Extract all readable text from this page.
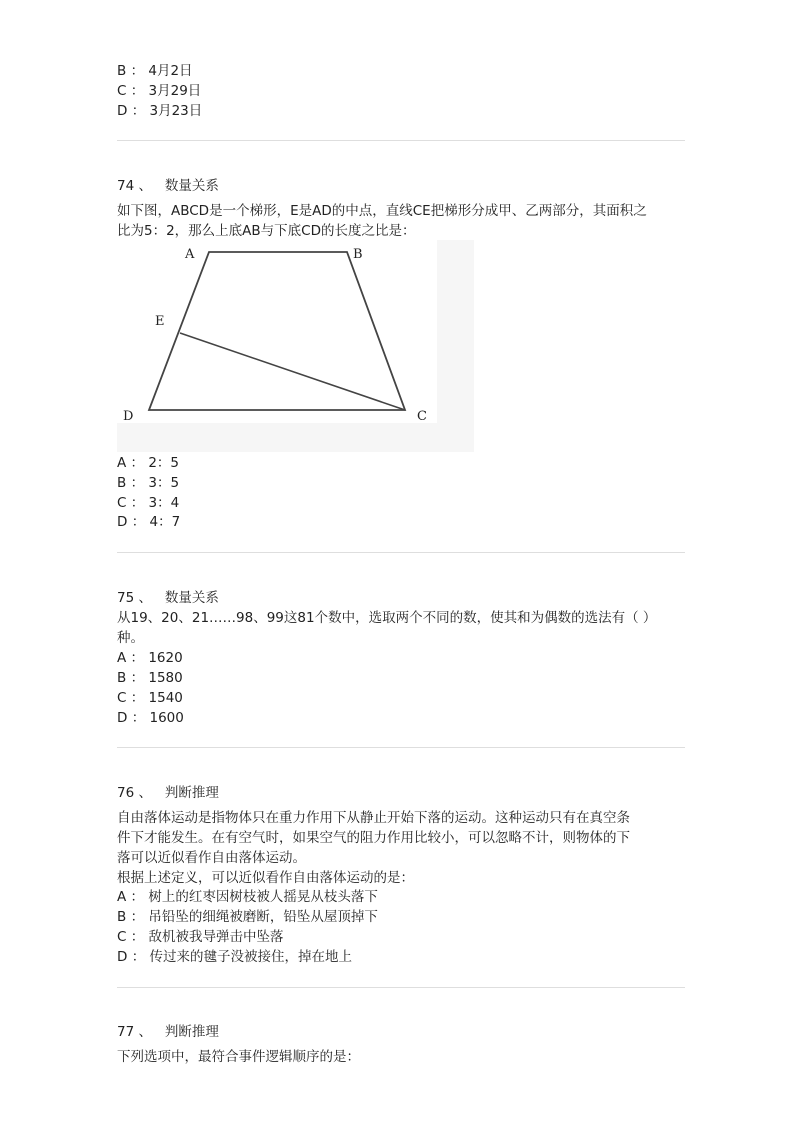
B ： 4月2日
C ： 3月29日
D ： 3月23日
74 、 数量关系
如下图，ABCD是一个梯形，E是AD的中点，直线CE把梯形分成甲、乙两部分，其面积之
比为5：2，那么上底AB与下底CD的长度之比是：
A	B
E
D	C
A ： 2：5
B ： 3：5
C ： 3：4
D ： 4：7
75 、 数量关系
从19、20、21……98、99这81个数中，选取两个不同的数，使其和为偶数的选法有（ ）
种。
A ： 1620
B ： 1580
C ： 1540
D ： 1600
76 、 判断推理
自由落体运动是指物体只在重力作用下从静止开始下落的运动。这种运动只有在真空条
件下才能发生。在有空气时，如果空气的阻力作用比较小，可以忽略不计，则物体的下
落可以近似看作自由落体运动。
根据上述定义，可以近似看作自由落体运动的是：
A ： 树上的红枣因树枝被人摇晃从枝头落下
B ： 吊铅坠的细绳被磨断，铅坠从屋顶掉下
C ： 敌机被我导弹击中坠落
D ： 传过来的毽子没被接住，掉在地上
77 、 判断推理
下列选项中，最符合事件逻辑顺序的是：
